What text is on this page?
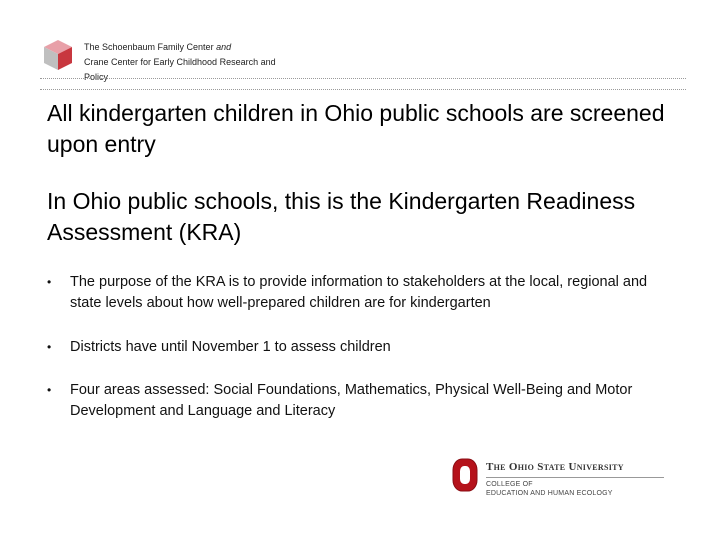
The Schoenbaum Family Center and
Crane Center for Early Childhood Research and
Policy
All kindergarten children in Ohio public schools are screened upon entry
In Ohio public schools, this is the Kindergarten Readiness Assessment (KRA)
• The purpose of the KRA is to provide information to stakeholders at the local, regional and state levels about how well-prepared children are for kindergarten
• Districts have until November 1 to assess children
• Four areas assessed: Social Foundations, Mathematics, Physical Well-Being and Motor Development and Language and Literacy
The Ohio State University
COLLEGE OF
EDUCATION AND HUMAN ECOLOGY
